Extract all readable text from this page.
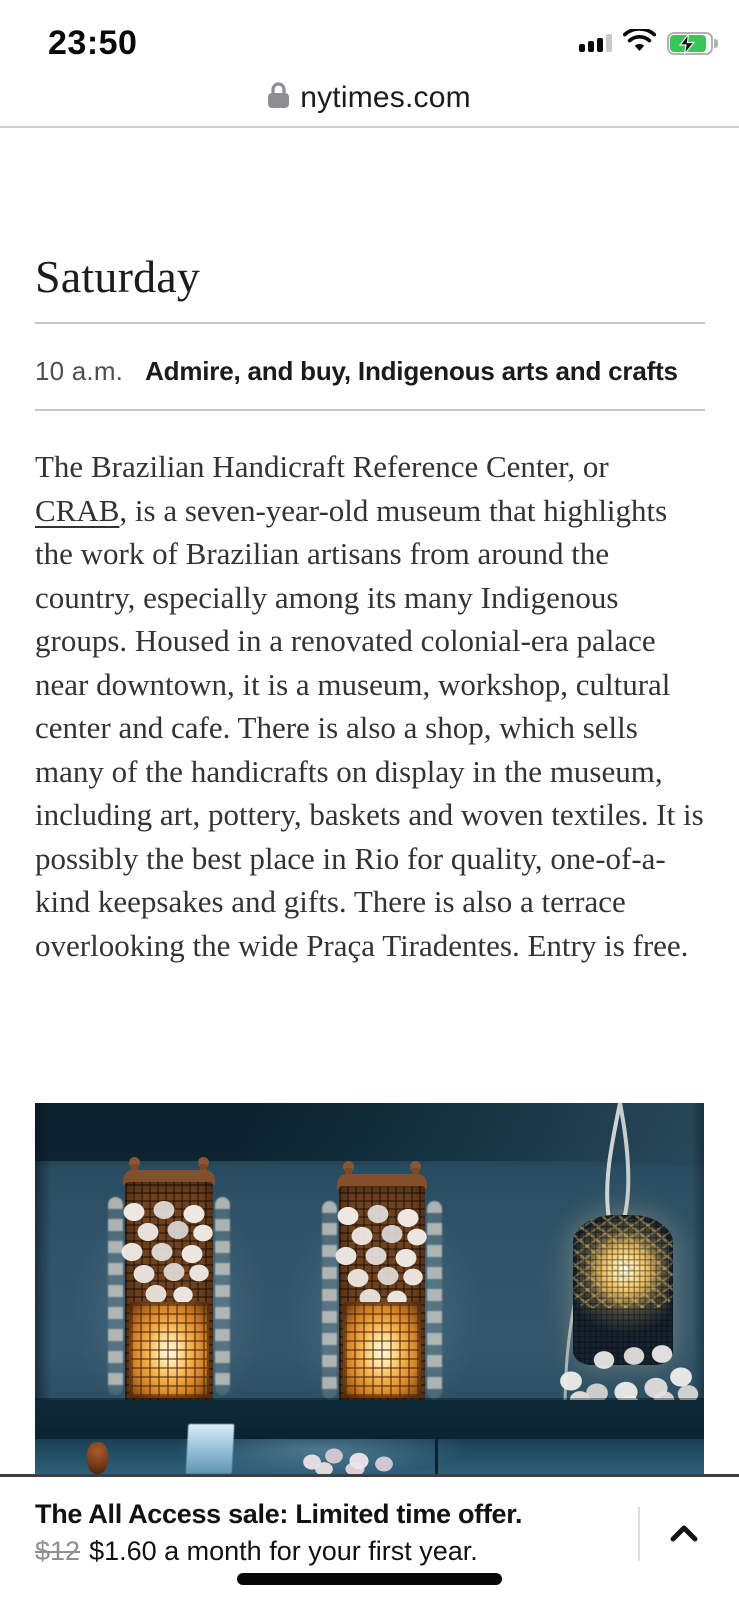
23:50
nytimes.com
Saturday
10 a.m. Admire, and buy, Indigenous arts and crafts

The Brazilian Handicraft Reference Center, or CRAB, is a seven-year-old museum that highlights the work of Brazilian artisans from around the country, especially among its many Indigenous groups. Housed in a renovated colonial-era palace near downtown, it is a museum, workshop, cultural center and cafe. There is also a shop, which sells many of the handicrafts on display in the museum, including art, pottery, baskets and woven textiles. It is possibly the best place in Rio for quality, one-of-a-kind keepsakes and gifts. There is also a terrace overlooking the wide Praça Tiradentes. Entry is free.

The All Access sale: Limited time offer.
$12 $1.60 a month for your first year.
